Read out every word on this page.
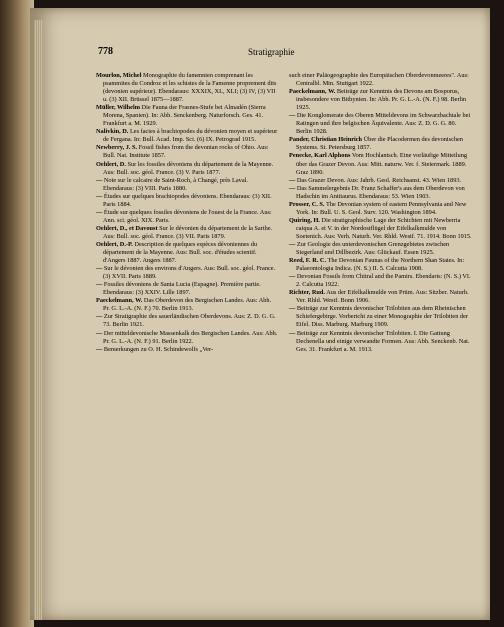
778	Stratigraphie
Mourlon, Michel Monographie du famennien comprenant les psammites du Condroz et les schistes de la Famenne proprement dits (devonien supérieur). Ebendaraus: XXXIX, XL, XLI; (3) IV, (3) VII u. (3) XII. Brüssel 1875—1887.
Müller, Wilhelm Die Fauna der Frasnes-Stufe bei Almadén (Sierra Morena, Spanien). In: Abh. Senckenberg. Naturforsch. Ges. 41. Frankfurt a. M. 1929.
Nalivkin, D. Les facies à brachiopodes du dévonien moyen et supérieur de Fergana. In: Bull. Acad. Imp. Sci. (6) IX. Petrograd 1915.
Newberry, J. S. Fossil fishes from the devonian rocks of Ohio. Aus: Bull. Nat. Institute 1857.
Oehlert, D. Sur les fossiles dévoniens du département de la Mayenne. Aus: Bull. soc. géol. France. (3) V. Paris 1877.
— Note sur le calcaire de Saint-Roch, à Changé, près Laval. Ebendaraus: (3) VIII. Paris 1880.
— Études sur quelques brachiopodes dévoniens. Ebendaraus: (3) XII. Paris 1884.
— Étude sur quelques fossiles dévoniens de l'ouest de la France. Aus: Ann. sci. géol. XIX. Paris.
Oehlert, D., et Davoust Sur le dévonien du département de la Sarthe. Aus: Bull. soc. géol. France. (3) VII. Paris 1879.
Oehlert, D.-P. Description de quelques espèces dévoniennes du département de la Mayenne. Aus: Bull. soc. d'études scientif. d'Angers 1887. Angers 1887.
— Sur le dévonien des environs d'Angers. Aus: Bull. soc. géol. France. (3) XVII. Paris 1889.
— Fossiles dévoniens de Santa Lucia (Espagne). Première partie. Ebendaraus: (3) XXIV. Lille 1897.
Paeckelmann, W. Das Oberdevon des Bergischen Landes. Aus: Abh. Pr. G. L.-A. (N. F.) 70. Berlin 1913.
— Zur Stratigraphie des sauerländischen Oberdevons. Aus: Z. D. G. G. 73. Berlin 1921.
— Der mitteldevonische Massenkalk des Bergischen Landes. Aus: Abh. Pr. G. L.-A. (N. F.) 91. Berlin 1922.
— Bemerkungen zu O. H. Schindewolfs „Ver-
such einer Paläogeographie des Europäischen Oberdevonmeeres". Aus: Centralbl. Min. Stuttgart 1922.
Paeckelmann, W. Beiträge zur Kenntnis des Devons am Bosporus, insbesondere von Bithynien. In: Abh. Pr. G. L.-A. (N. F.) 98. Berlin 1925.
— Die Konglomerate des Oberen Mitteldevons im Schwarzbachtale bei Ratingen und ihre belgischen Äquivalente. Aus: Z. D. G. G. 80. Berlin 1928.
Pander, Christian Heinrich Über die Placodermen des devonischen Systems. St. Petersburg 1857.
Penecke, Karl Alphons Vom Hochlantsch. Eine vorläufige Mitteilung über das Grazer Devon. Aus: Mitt. naturw. Ver. f. Steiermark. 1889. Graz 1890.
— Das Grazer Devon. Aus: Jahrb. Geol. Reichsanst. 43. Wien 1893.
— Das Sammelergebnis Dr. Franz Schaffer's aus dem Oberdevon von Hadschin im Antitaurus. Ebendaraus: 53. Wien 1903.
Prosser, C. S. The Devonian system of eastern Pennsylvania and New York. In: Bull. U. S. Geol. Surv. 120. Washington 1894.
Quiring, H. Die stratigraphische Lage der Schichten mit Newberria caiqua A. et V. in der Nordostflügel der Eifelkalkmulde von Soetenich. Aus: Verh. Naturh. Ver. Rhld. Westf. 71. 1914. Bonn 1915.
— Zur Geologie des unterdevonischen Grenzgebietes zwischen Siegerland und Dillbezirk. Aus: Glückauf. Essen 1925.
Reed, F. R. C. The Devonian Faunas of the Northern Shan States. In: Palaeontologia Indica. (N. S.) II. 5. Calcutta 1908.
— Devonian Fossils from Chitral and the Pamirs. Ebendaris: (N. S.) VI. 2. Calcutta 1922.
Richter, Rud. Aus der Eifelkalkmulde von Prüm. Aus: Sitzber. Naturh. Ver. Rhld. Westf. Bonn 1906.
— Beiträge zur Kenntnis devonischer Trilobiten aus dem Rheinischen Schiefergebirge. Vorbericht zu einer Monographie der Trilobiten der Eifel. Diss. Marburg. Marburg 1909.
— Beiträge zur Kenntnis devonischer Trilobiten. I. Die Gattung Dechenella und einige verwandte Formen. Aus: Abh. Senckenb. Nat. Ges. 31. Frankfurt a. M. 1913.
